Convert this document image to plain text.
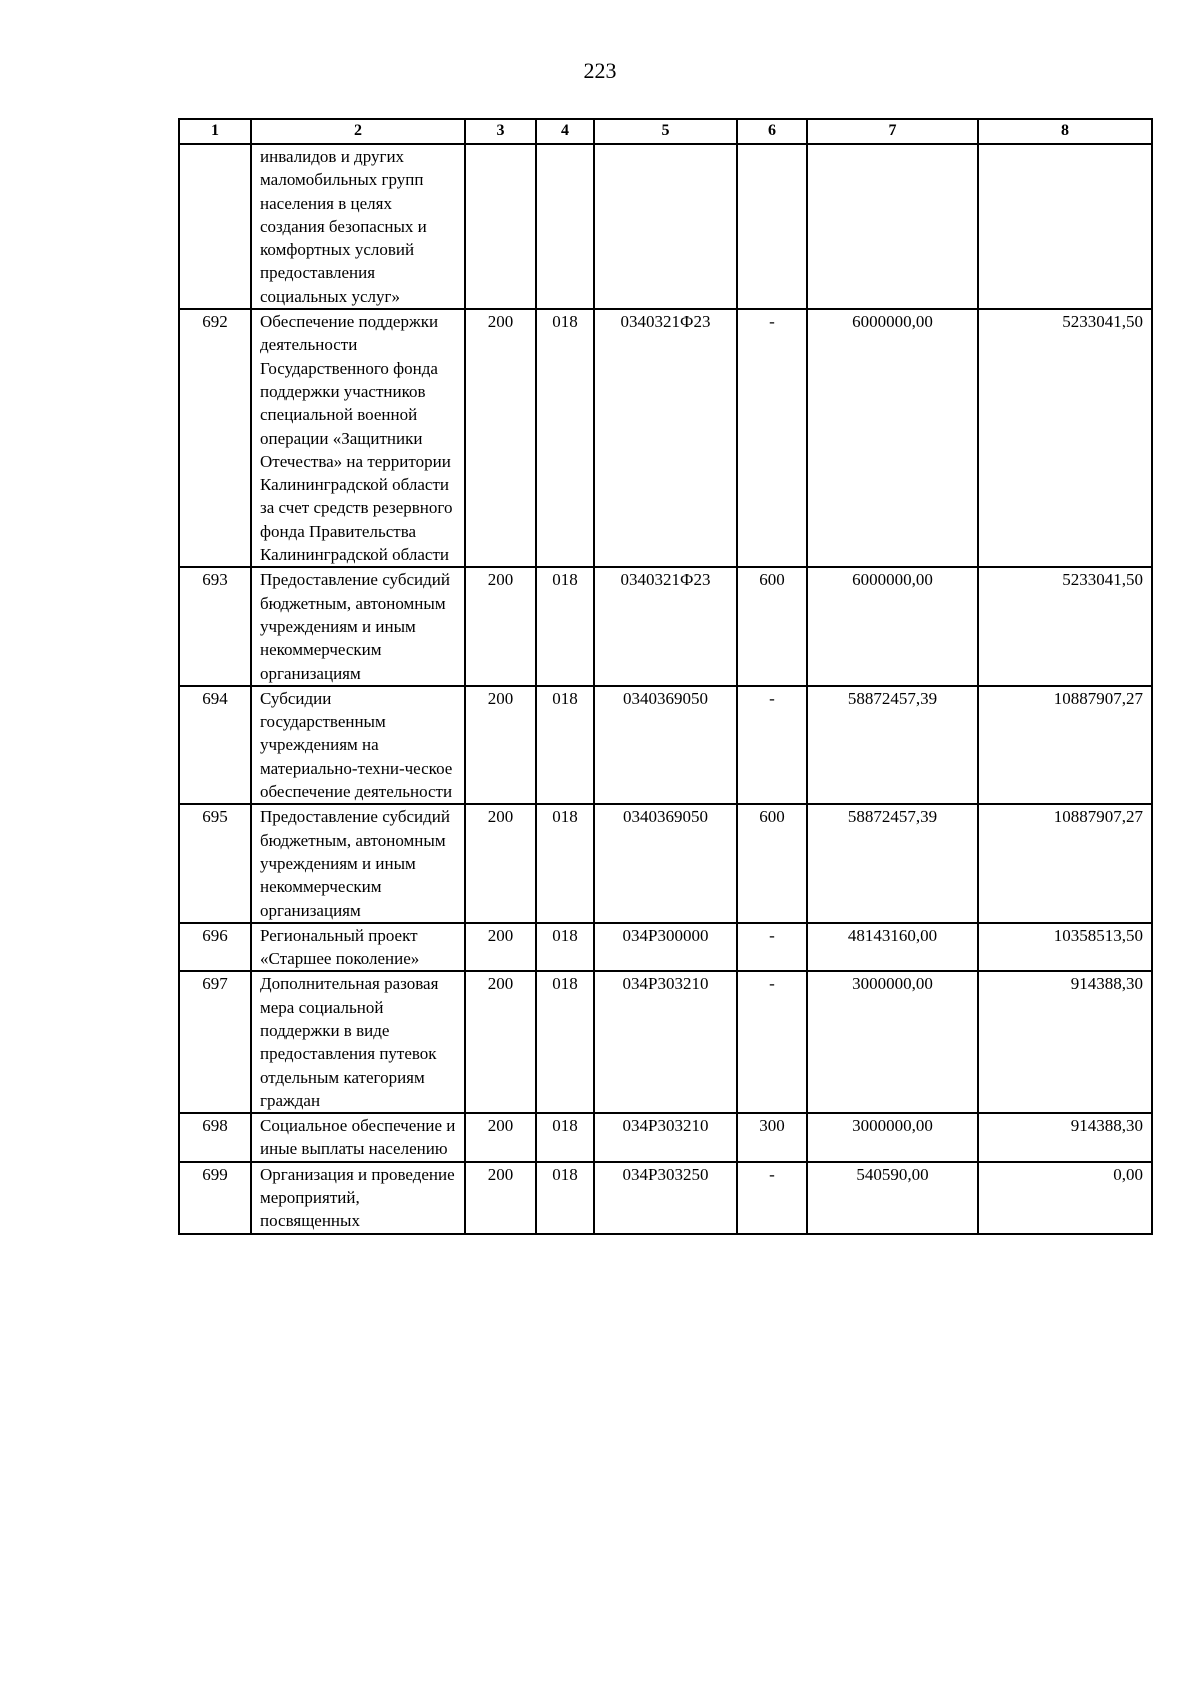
223
1	2	3	4	5	6	7	8
	инвалидов и других маломобильных групп населения в целях создания безопасных и комфортных условий предоставления социальных услуг»						
692	Обеспечение поддержки деятельности Государственного фонда поддержки участников специальной военной операции «Защитники Отечества» на территории Калининградской области за счет средств резервного фонда Правительства Калининградской области	200	018	0340321Ф23	-	6000000,00	5233041,50
693	Предоставление субсидий бюджетным, автономным учреждениям и иным некоммерческим организациям	200	018	0340321Ф23	600	6000000,00	5233041,50
694	Субсидии государственным учреждениям на материально-техни-ческое обеспечение деятельности	200	018	0340369050	-	58872457,39	10887907,27
695	Предоставление субсидий бюджетным, автономным учреждениям и иным некоммерческим организациям	200	018	0340369050	600	58872457,39	10887907,27
696	Региональный проект «Старшее поколение»	200	018	034Р300000	-	48143160,00	10358513,50
697	Дополнительная разовая мера социальной поддержки в виде предоставления путевок отдельным категориям граждан	200	018	034Р303210	-	3000000,00	914388,30
698	Социальное обеспечение и иные выплаты населению	200	018	034Р303210	300	3000000,00	914388,30
699	Организация и проведение мероприятий, посвященных	200	018	034Р303250	-	540590,00	0,00
